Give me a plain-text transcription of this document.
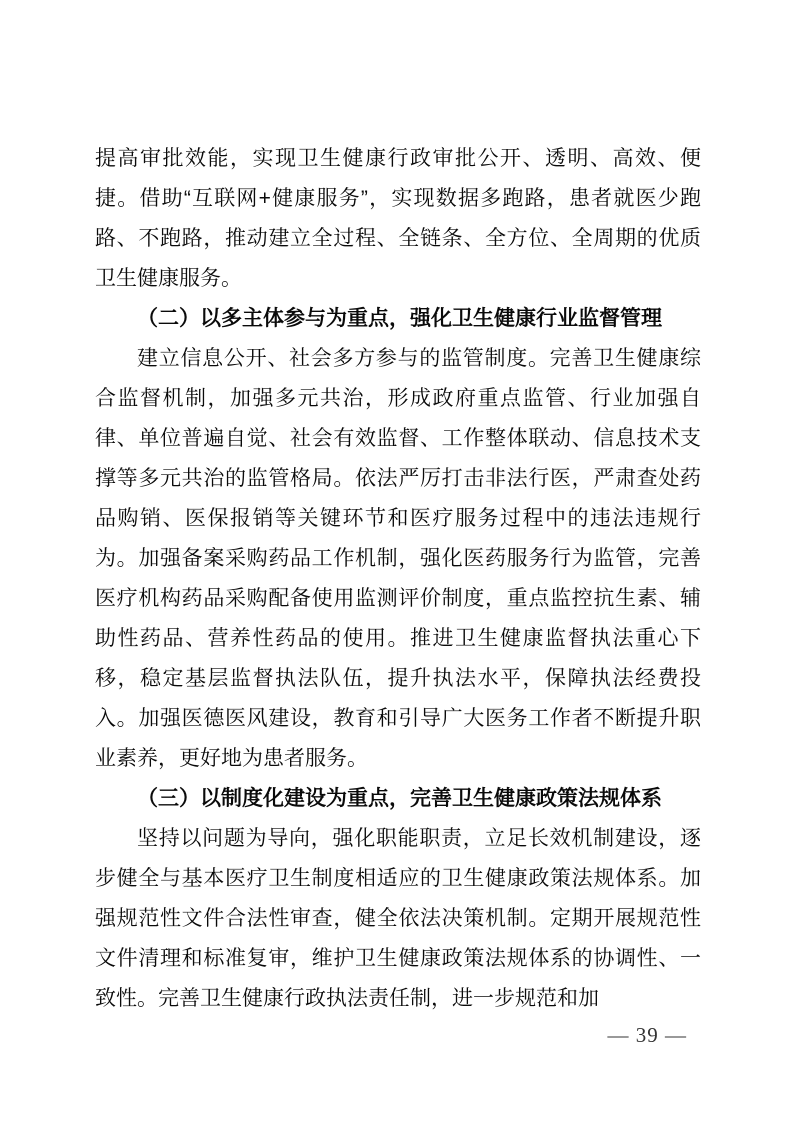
提高审批效能，实现卫生健康行政审批公开、透明、高效、便捷。借助“互联网+健康服务”，实现数据多跑路，患者就医少跑路、不跑路，推动建立全过程、全链条、全方位、全周期的优质卫生健康服务。

（二）以多主体参与为重点，强化卫生健康行业监督管理

建立信息公开、社会多方参与的监管制度。完善卫生健康综合监督机制，加强多元共治，形成政府重点监管、行业加强自律、单位普遍自觉、社会有效监督、工作整体联动、信息技术支撑等多元共治的监管格局。依法严厉打击非法行医，严肃查处药品购销、医保报销等关键环节和医疗服务过程中的违法违规行为。加强备案采购药品工作机制，强化医药服务行为监管，完善医疗机构药品采购配备使用监测评价制度，重点监控抗生素、辅助性药品、营养性药品的使用。推进卫生健康监督执法重心下移，稳定基层监督执法队伍，提升执法水平，保障执法经费投入。加强医德医风建设，教育和引导广大医务工作者不断提升职业素养，更好地为患者服务。

（三）以制度化建设为重点，完善卫生健康政策法规体系

坚持以问题为导向，强化职能职责，立足长效机制建设，逐步健全与基本医疗卫生制度相适应的卫生健康政策法规体系。加强规范性文件合法性审查，健全依法决策机制。定期开展规范性文件清理和标准复审，维护卫生健康政策法规体系的协调性、一致性。完善卫生健康行政执法责任制，进一步规范和加

— 39 —
